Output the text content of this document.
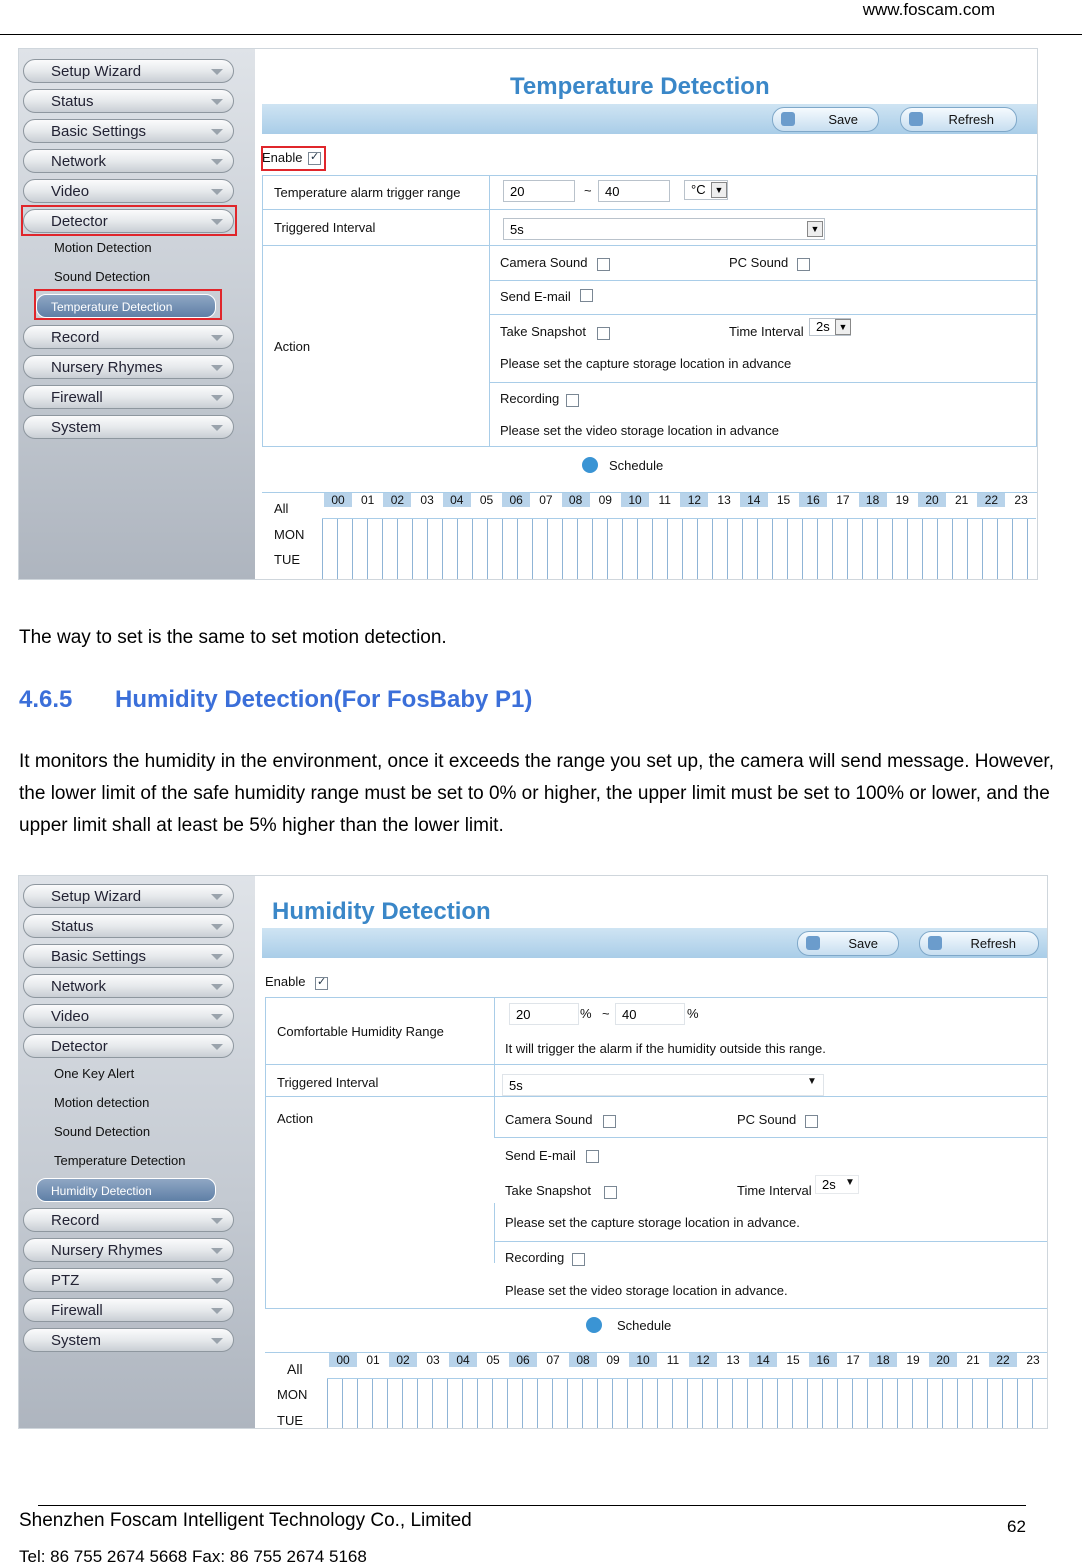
www.foscam.com
Setup Wizard
Status
Basic Settings
Network
Video
Detector
Motion Detection
Sound Detection
Temperature Detection
Record
Nursery Rhymes
Firewall
System
Temperature Detection
Save	Refresh
Enable
✓
Temperature alarm trigger range	20	~	40	°C ▼
Triggered Interval	5s	▼
Action
Camera Sound	PC Sound
Send E-mail
Take Snapshot	Time Interval 2s ▼
Please set the capture storage location in advance
Recording
Please set the video storage location in advance
Schedule
All
00	01	02	03	04	05	06	07	08	09	10	11	12	13	14	15	16	17	18	19	20	21	22	23
MON
TUE
The way to set is the same to set motion detection.
4.6.5 Humidity Detection(For FosBaby P1)
It monitors the humidity in the environment, once it exceeds the range you set up, the camera will send message. However, the lower limit of the safe humidity range must be set to 0% or higher, the upper limit must be set to 100% or lower, and the upper limit shall at least be 5% higher than the lower limit.
Setup Wizard
Status
Basic Settings
Network
Video
Detector
One Key Alert
Motion detection
Sound Detection
Temperature Detection
Humidity Detection
Record
Nursery Rhymes
PTZ
Firewall
System
Humidity Detection
Save	Refresh
Enable
✓
Comfortable Humidity Range
20	% ~ 40	%
It will trigger the alarm if the humidity outside this range.
Triggered Interval	5s	▼
Action	Camera Sound	PC Sound
Send E-mail
Take Snapshot	Time Interval 2s ▼
Please set the capture storage location in advance.
Recording
Please set the video storage location in advance.
Schedule
All
00	01	02	03	04	05	06	07	08	09	10	11	12	13	14	15	16	17	18	19	20	21	22	23
MON
TUE
Shenzhen Foscam Intelligent Technology Co., Limited	62
Tel: 86 755 2674 5668 Fax: 86 755 2674 5168
